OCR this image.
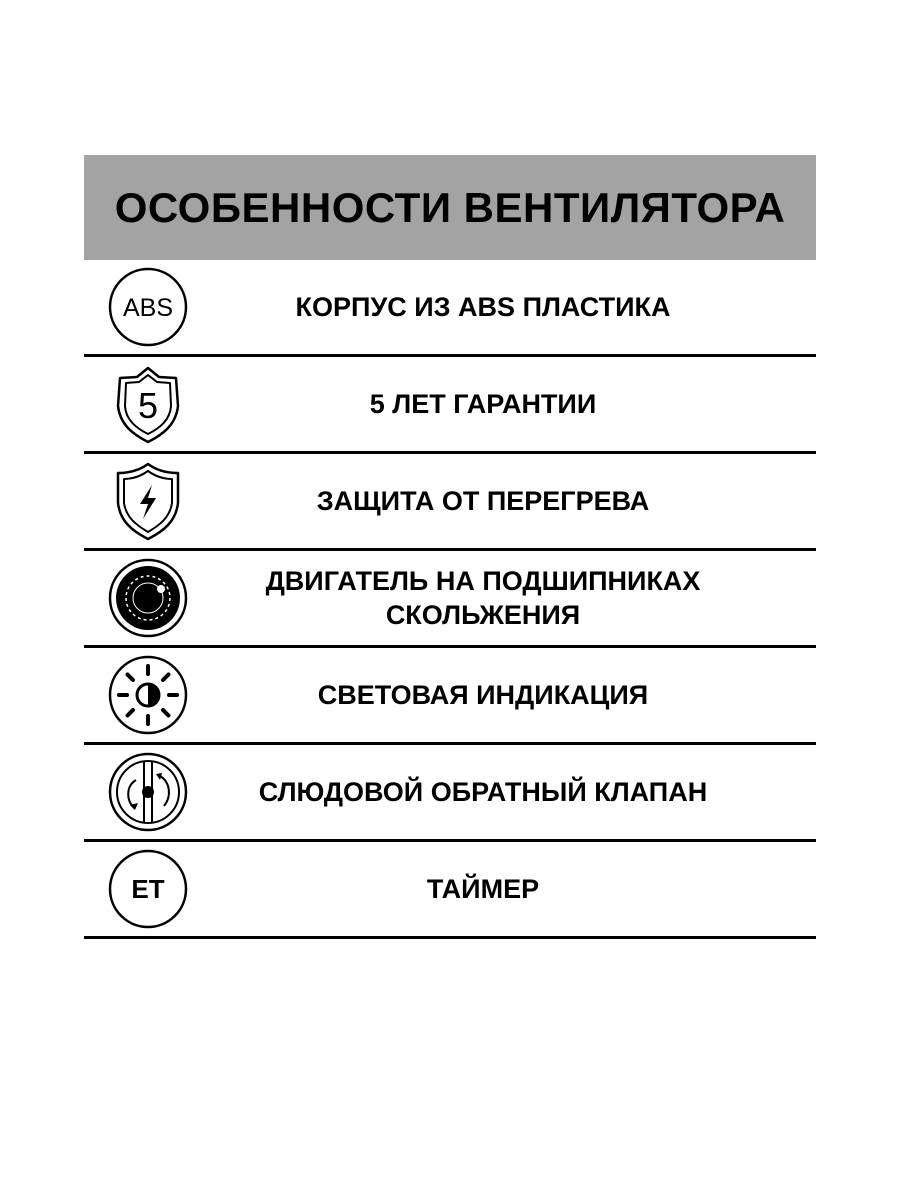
ОСОБЕННОСТИ ВЕНТИЛЯТОРА
ABS	КОРПУС ИЗ ABS ПЛАСТИКА
5	5 ЛЕТ ГАРАНТИИ
ЗАЩИТА ОТ ПЕРЕГРЕВА
ДВИГАТЕЛЬ НА ПОДШИПНИКАХ
СКОЛЬЖЕНИЯ
СВЕТОВАЯ ИНДИКАЦИЯ
СЛЮДОВОЙ ОБРАТНЫЙ КЛАПАН
ET	ТАЙМЕР
